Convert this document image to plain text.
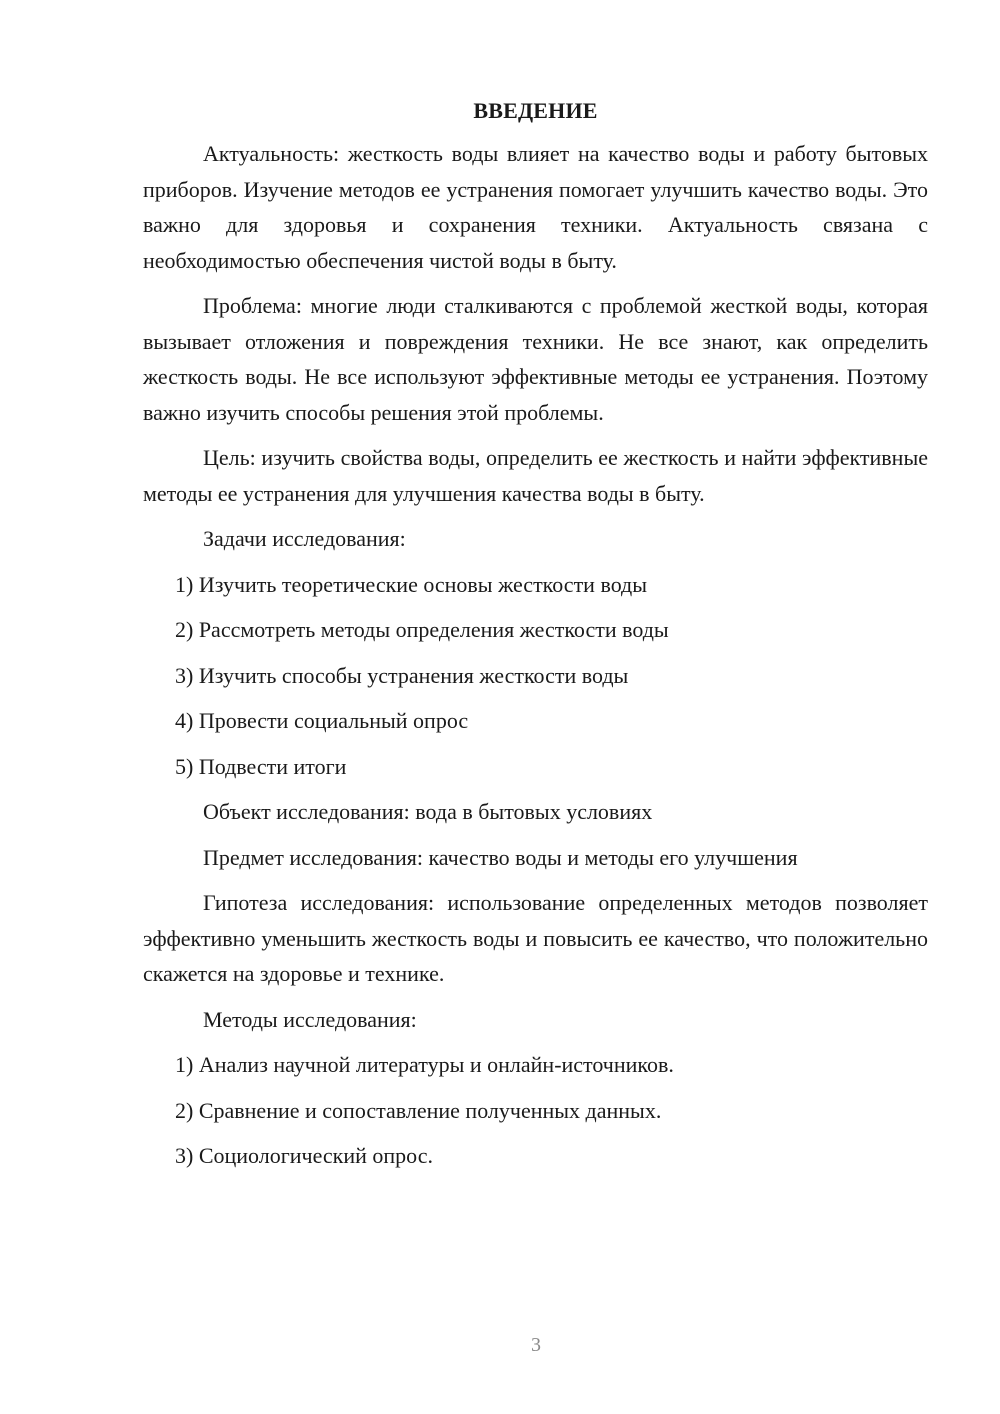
ВВЕДЕНИЕ

Актуальность: жесткость воды влияет на качество воды и работу бытовых приборов. Изучение методов ее устранения помогает улучшить качество воды. Это важно для здоровья и сохранения техники. Актуальность связана с необходимостью обеспечения чистой воды в быту.

Проблема: многие люди сталкиваются с проблемой жесткой воды, которая вызывает отложения и повреждения техники. Не все знают, как определить жесткость воды. Не все используют эффективные методы ее устранения. Поэтому важно изучить способы решения этой проблемы.

Цель: изучить свойства воды, определить ее жесткость и найти эффективные методы ее устранения для улучшения качества воды в быту.

Задачи исследования:

1) Изучить теоретические основы жесткости воды

2) Рассмотреть методы определения жесткости воды

3) Изучить способы устранения жесткости воды

4) Провести социальный опрос

5) Подвести итоги

Объект исследования: вода в бытовых условиях

Предмет исследования: качество воды и методы его улучшения

Гипотеза исследования: использование определенных методов позволяет эффективно уменьшить жесткость воды и повысить ее качество, что положительно скажется на здоровье и технике.

Методы исследования:

1) Анализ научной литературы и онлайн-источников.

2) Сравнение и сопоставление полученных данных.

3) Социологический опрос.

3
